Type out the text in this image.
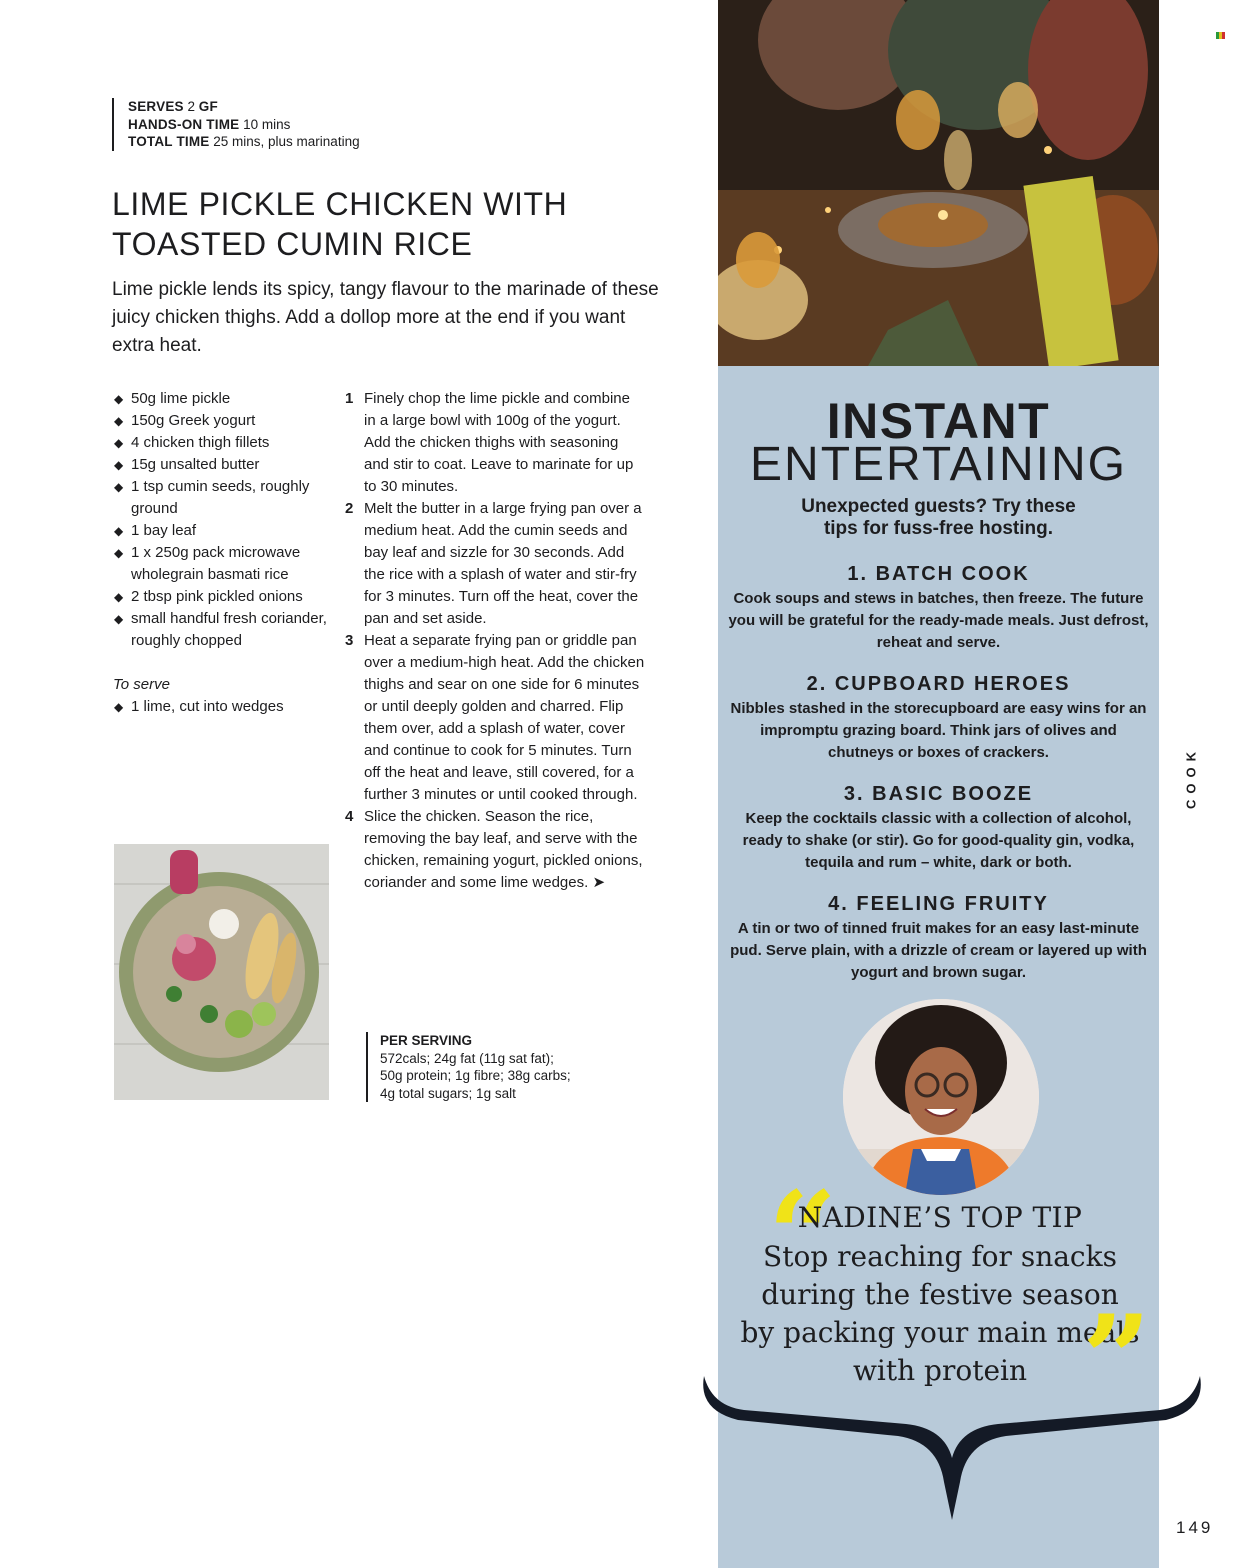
SERVES 2 GF
HANDS-ON TIME 10 mins
TOTAL TIME 25 mins, plus marinating
LIME PICKLE CHICKEN WITH
TOASTED CUMIN RICE

Lime pickle lends its spicy, tangy flavour to the marinade of these juicy chicken thighs. Add a dollop more at the end if you want extra heat.

◆ 50g lime pickle
◆ 150g Greek yogurt
◆ 4 chicken thigh fillets
◆ 15g unsalted butter
◆ 1 tsp cumin seeds, roughly ground
◆ 1 bay leaf
◆ 1 x 250g pack microwave wholegrain basmati rice
◆ 2 tbsp pink pickled onions
◆ small handful fresh coriander, roughly chopped
To serve
◆ 1 lime, cut into wedges
1 Finely chop the lime pickle and combine in a large bowl with 100g of the yogurt. Add the chicken thighs with seasoning and stir to coat. Leave to marinate for up to 30 minutes.
2 Melt the butter in a large frying pan over a medium heat. Add the cumin seeds and bay leaf and sizzle for 30 seconds. Add the rice with a splash of water and stir-fry for 3 minutes. Turn off the heat, cover the pan and set aside.
3 Heat a separate frying pan or griddle pan over a medium-high heat. Add the chicken thighs and sear on one side for 6 minutes or until deeply golden and charred. Flip them over, add a splash of water, cover and continue to cook for 5 minutes. Turn off the heat and leave, still covered, for a further 3 minutes or until cooked through.
4 Slice the chicken. Season the rice, removing the bay leaf, and serve with the chicken, remaining yogurt, pickled onions, coriander and some lime wedges. ➤
PER SERVING
572cals; 24g fat (11g sat fat);
50g protein; 1g fibre; 38g carbs;
4g total sugars; 1g salt
INSTANT
ENTERTAINING
Unexpected guests? Try these
tips for fuss-free hosting.
1. BATCH COOK

Cook soups and stews in batches, then freeze. The future you will be grateful for the ready-made meals. Just defrost, reheat and serve.

2. CUPBOARD HEROES

Nibbles stashed in the storecupboard are easy wins for an impromptu grazing board. Think jars of olives and chutneys or boxes of crackers.

3. BASIC BOOZE

Keep the cocktails classic with a collection of alcohol, ready to shake (or stir). Go for good-quality gin, vodka, tequila and rum – white, dark or both.

4. FEELING FRUITY

A tin or two of tinned fruit makes for an easy last-minute pud. Serve plain, with a drizzle of cream or layered up with yogurt and brown sugar.

“
NADINE’S TOP TIP
Stop reaching for snacks during the festive season by packing your main meals with protein ”
COOK
149
